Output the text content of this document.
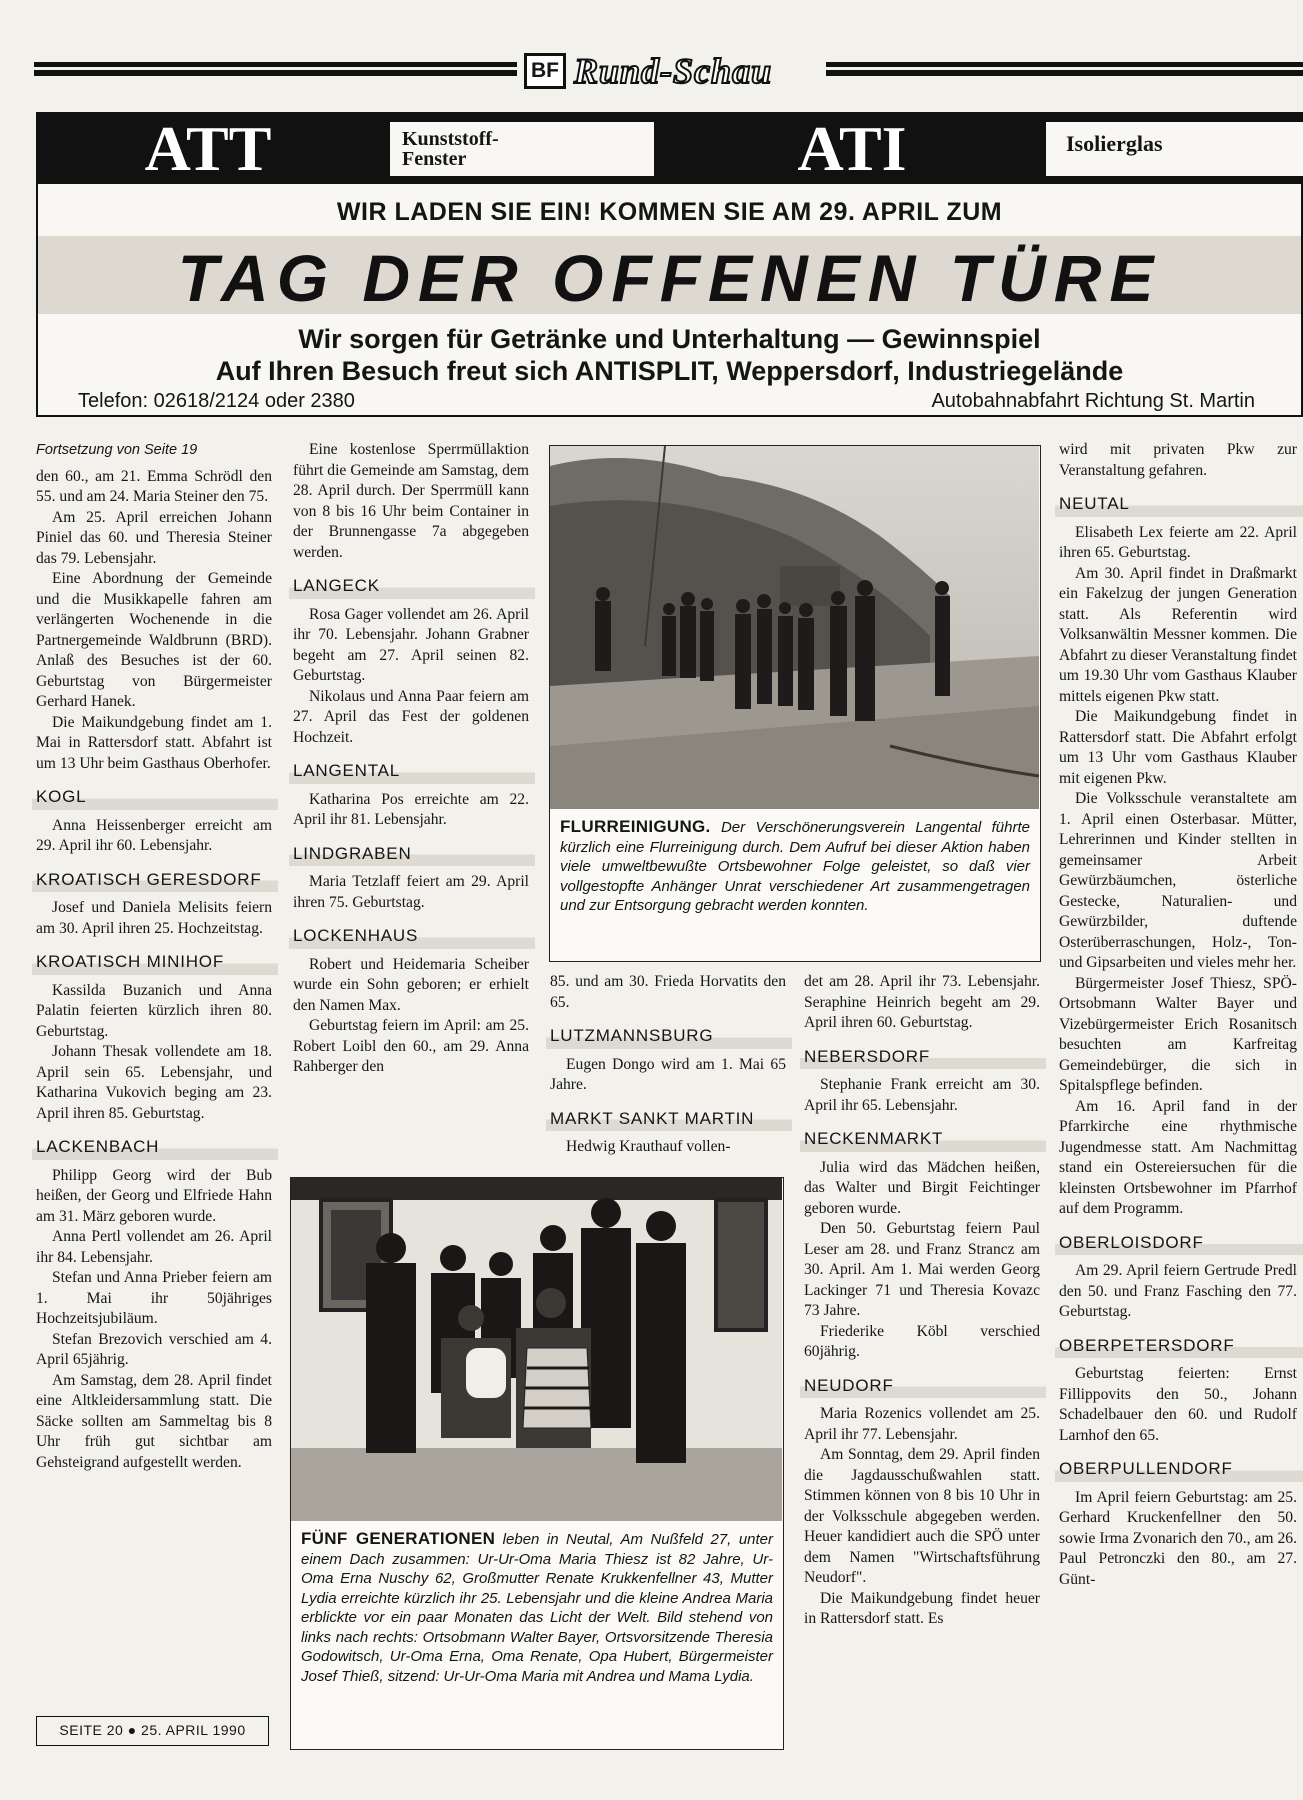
BF Rund-Schau
ATT	Kunststoff-
Fenster	ATI	Isolierglas
WIR LADEN SIE EIN! KOMMEN SIE AM 29. APRIL ZUM
TAG DER OFFENEN TÜRE
Wir sorgen für Getränke und Unterhaltung — Gewinnspiel
Auf Ihren Besuch freut sich ANTISPLIT, Weppersdorf, Industriegelände
Telefon: 02618/2124 oder 2380	Autobahnabfahrt Richtung St. Martin

Fortsetzung von Seite 19

den 60., am 21. Emma Schrödl den 55. und am 24. Maria Steiner den 75.

Am 25. April erreichen Johann Piniel das 60. und Theresia Steiner das 79. Lebensjahr.

Eine Abordnung der Gemeinde und die Musikkapelle fahren am verlängerten Wochenende in die Partnergemeinde Waldbrunn (BRD). Anlaß des Besuches ist der 60. Geburtstag von Bürgermeister Gerhard Hanek.

Die Maikundgebung findet am 1. Mai in Rattersdorf statt. Abfahrt ist um 13 Uhr beim Gasthaus Oberhofer.

KOGL

Anna Heissenberger erreicht am 29. April ihr 60. Lebensjahr.

KROATISCH GERESDORF

Josef und Daniela Melisits feiern am 30. April ihren 25. Hochzeitstag.

KROATISCH MINIHOF

Kassilda Buzanich und Anna Palatin feierten kürzlich ihren 80. Geburtstag.

Johann Thesak vollendete am 18. April sein 65. Lebensjahr, und Katharina Vukovich beging am 23. April ihren 85. Geburtstag.

LACKENBACH

Philipp Georg wird der Bub heißen, der Georg und Elfriede Hahn am 31. März geboren wurde.

Anna Pertl vollendet am 26. April ihr 84. Lebensjahr.

Stefan und Anna Prieber feiern am 1. Mai ihr 50jähriges Hochzeitsjubiläum.

Stefan Brezovich verschied am 4. April 65jährig.

Am Samstag, dem 28. April findet eine Altkleidersammlung statt. Die Säcke sollten am Sammeltag bis 8 Uhr früh gut sichtbar am Gehsteigrand aufgestellt werden.

Eine kostenlose Sperrmüllaktion führt die Gemeinde am Samstag, dem 28. April durch. Der Sperrmüll kann von 8 bis 16 Uhr beim Container in der Brunnengasse 7a abgegeben werden.

LANGECK

Rosa Gager vollendet am 26. April ihr 70. Lebensjahr. Johann Grabner begeht am 27. April seinen 82. Geburtstag.

Nikolaus und Anna Paar feiern am 27. April das Fest der goldenen Hochzeit.

LANGENTAL

Katharina Pos erreichte am 22. April ihr 81. Lebensjahr.

LINDGRABEN

Maria Tetzlaff feiert am 29. April ihren 75. Geburtstag.

LOCKENHAUS

Robert und Heidemaria Scheiber wurde ein Sohn geboren; er erhielt den Namen Max.

Geburtstag feiern im April: am 25. Robert Loibl den 60., am 29. Anna Rahberger den

FLURREINIGUNG. Der Verschönerungsverein Langental führte kürzlich eine Flurreinigung durch. Dem Aufruf bei dieser Aktion haben viele umweltbewußte Ortsbewohner Folge geleistet, so daß vier vollgestopfte Anhänger Unrat verschiedener Art zusammengetragen und zur Entsorgung gebracht werden konnten.

85. und am 30. Frieda Horvatits den 65.

LUTZMANNSBURG

Eugen Dongo wird am 1. Mai 65 Jahre.

MARKT SANKT MARTIN

Hedwig Krauthauf vollen-

det am 28. April ihr 73. Lebensjahr. Seraphine Heinrich begeht am 29. April ihren 60. Geburtstag.

NEBERSDORF

Stephanie Frank erreicht am 30. April ihr 65. Lebensjahr.

NECKENMARKT

Julia wird das Mädchen heißen, das Walter und Birgit Feichtinger geboren wurde.

Den 50. Geburtstag feiern Paul Leser am 28. und Franz Strancz am 30. April. Am 1. Mai werden Georg Lackinger 71 und Theresia Kovazc 73 Jahre.

Friederike Köbl verschied 60jährig.

NEUDORF

Maria Rozenics vollendet am 25. April ihr 77. Lebensjahr.

Am Sonntag, dem 29. April finden die Jagdausschußwahlen statt. Stimmen können von 8 bis 10 Uhr in der Volksschule abgegeben werden. Heuer kandidiert auch die SPÖ unter dem Namen "Wirtschaftsführung Neudorf".

Die Maikundgebung findet heuer in Rattersdorf statt. Es

FÜNF GENERATIONEN leben in Neutal, Am Nußfeld 27, unter einem Dach zusammen: Ur-Ur-Oma Maria Thiesz ist 82 Jahre, Ur-Oma Erna Nuschy 62, Großmutter Renate Krukkenfellner 43, Mutter Lydia erreichte kürzlich ihr 25. Lebensjahr und die kleine Andrea Maria erblickte vor ein paar Monaten das Licht der Welt. Bild stehend von links nach rechts: Ortsobmann Walter Bayer, Ortsvorsitzende Theresia Godowitsch, Ur-Oma Erna, Oma Renate, Opa Hubert, Bürgermeister Josef Thieß, sitzend: Ur-Ur-Oma Maria mit Andrea und Mama Lydia.

wird mit privaten Pkw zur Veranstaltung gefahren.

NEUTAL

Elisabeth Lex feierte am 22. April ihren 65. Geburtstag.

Am 30. April findet in Draßmarkt ein Fakelzug der jungen Generation statt. Als Referentin wird Volksanwältin Messner kommen. Die Abfahrt zu dieser Veranstaltung findet um 19.30 Uhr vom Gasthaus Klauber mittels eigenen Pkw statt.

Die Maikundgebung findet in Rattersdorf statt. Die Abfahrt erfolgt um 13 Uhr vom Gasthaus Klauber mit eigenen Pkw.

Die Volksschule veranstaltete am 1. April einen Osterbasar. Mütter, Lehrerinnen und Kinder stellten in gemeinsamer Arbeit Gewürzbäumchen, österliche Gestecke, Naturalien- und Gewürzbilder, duftende Osterüberraschungen, Holz-, Ton- und Gipsarbeiten und vieles mehr her.

Bürgermeister Josef Thiesz, SPÖ-Ortsobmann Walter Bayer und Vizebürgermeister Erich Rosanitsch besuchten am Karfreitag Gemeindebürger, die sich in Spitalspflege befinden.

Am 16. April fand in der Pfarrkirche eine rhythmische Jugendmesse statt. Am Nachmittag stand ein Ostereiersuchen für die kleinsten Ortsbewohner im Pfarrhof auf dem Programm.

OBERLOISDORF

Am 29. April feiern Gertrude Predl den 50. und Franz Fasching den 77. Geburtstag.

OBERPETERSDORF

Geburtstag feierten: Ernst Fillippovits den 50., Johann Schadelbauer den 60. und Rudolf Larnhof den 65.

OBERPULLENDORF

Im April feiern Geburtstag: am 25. Gerhard Kruckenfellner den 50. sowie Irma Zvonarich den 70., am 26. Paul Petronczki den 80., am 27. Günt-

SEITE 20 ● 25. APRIL 1990
